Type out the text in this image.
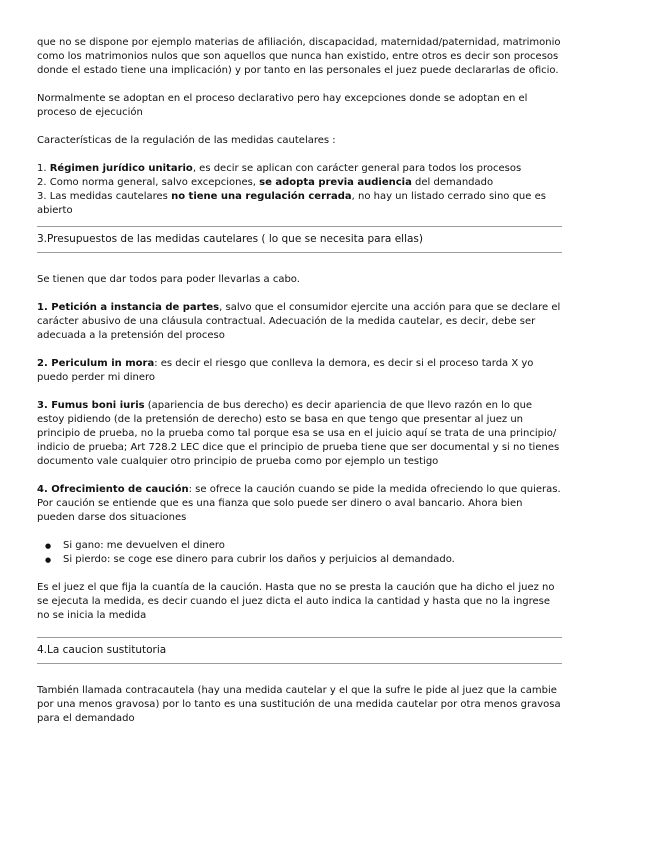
que no se dispone por ejemplo materias de afiliación, discapacidad, maternidad/paternidad, matrimonio como los matrimonios nulos que son aquellos que nunca han existido, entre otros es decir son procesos donde el estado tiene una implicación) y por tanto en las personales el juez puede declararlas de oficio.

Normalmente se adoptan en el proceso declarativo pero hay excepciones donde se adoptan en el proceso de ejecución

Características de la regulación de las medidas cautelares :

1. Régimen jurídico unitario, es decir se aplican con carácter general para todos los procesos

2. Como norma general, salvo excepciones, se adopta previa audiencia del demandado

3. Las medidas cautelares no tiene una regulación cerrada, no hay un listado cerrado sino que es abierto

3.Presupuestos de las medidas cautelares ( lo que se necesita para ellas)

Se tienen que dar todos para poder llevarlas a cabo.

1. Petición a instancia de partes, salvo que el consumidor ejercite una acción para que se declare el carácter abusivo de una cláusula contractual. Adecuación de la medida cautelar, es decir, debe ser adecuada a la pretensión del proceso

2. Periculum in mora: es decir el riesgo que conlleva la demora, es decir si el proceso tarda X yo puedo perder mi dinero

3. Fumus boni iuris (apariencia de bus derecho) es decir apariencia de que llevo razón en lo que estoy pidiendo (de la pretensión de derecho) esto se basa en que tengo que presentar al juez un principio de prueba, no la prueba como tal porque esa se usa en el juicio aquí se trata de una principio/ indicio de prueba; Art 728.2 LEC dice que el principio de prueba tiene que ser documental y si no tienes documento vale cualquier otro principio de prueba como por ejemplo un testigo

4. Ofrecimiento de caución: se ofrece la caución cuando se pide la medida ofreciendo lo que quieras. Por caución se entiende que es una fianza que solo puede ser dinero o aval bancario. Ahora bien pueden darse dos situaciones

● Si gano: me devuelven el dinero
● Si pierdo: se coge ese dinero para cubrir los daños y perjuicios al demandado.

Es el juez el que fija la cuantía de la caución. Hasta que no se presta la caución que ha dicho el juez no se ejecuta la medida, es decir cuando el juez dicta el auto indica la cantidad y hasta que no la ingrese no se inicia la medida

4.La caucion sustitutoria

También llamada contracautela (hay una medida cautelar y el que la sufre le pide al juez que la cambie por una menos gravosa) por lo tanto es una sustitución de una medida cautelar por otra menos gravosa para el demandado
